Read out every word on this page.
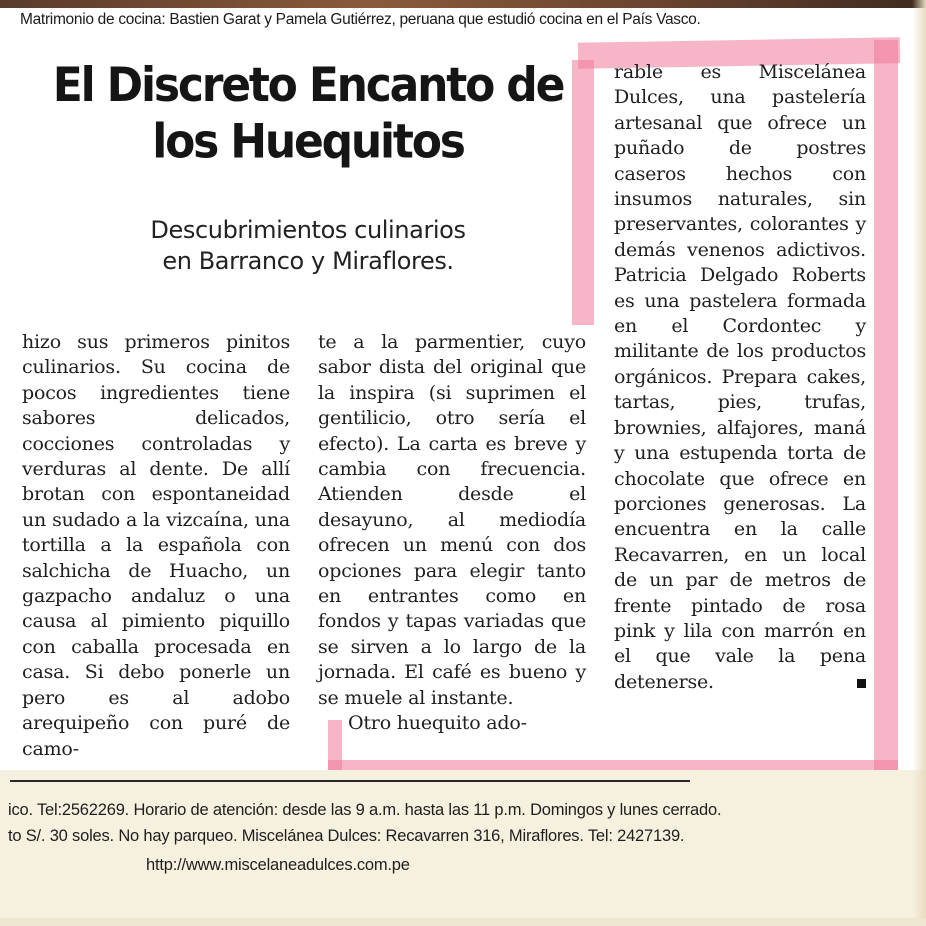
Matrimonio de cocina: Bastien Garat y Pamela Gutiérrez, peruana que estudió cocina en el País Vasco.
El Discreto Encanto de
los Huequitos
Descubrimientos culinarios
en Barranco y Miraflores.

hizo sus primeros pinitos culinarios. Su cocina de pocos ingredientes tiene sabores delicados, cocciones controladas y verduras al dente. De allí brotan con espontaneidad un sudado a la vizcaína, una tortilla a la española con salchicha de Huacho, un gazpacho andaluz o una causa al pimiento piquillo con caballa procesada en casa. Si debo ponerle un pero es al adobo arequipeño con puré de camo-

te a la parmentier, cuyo sabor dista del original que la inspira (si suprimen el gentilicio, otro sería el efecto). La carta es breve y cambia con frecuencia. Atienden desde el desayuno, al mediodía ofrecen un menú con dos opciones para elegir tanto en entrantes como en fondos y tapas variadas que se sirven a lo largo de la jornada. El café es bueno y se muele al instante.

Otro huequito ado-

rable es Miscelánea Dulces, una pastelería artesanal que ofrece un puñado de postres caseros hechos con insumos naturales, sin preservantes, colorantes y demás venenos adictivos. Patricia Delgado Roberts es una pastelera formada en el Cordontec y militante de los productos orgánicos. Prepara cakes, tartas, pies, trufas, brownies, alfajores, maná y una estupenda torta de chocolate que ofrece en porciones generosas. La encuentra en la calle Recavarren, en un local de un par de metros de frente pintado de rosa pink y lila con marrón en el que vale la pena detenerse.

ico. Tel:2562269. Horario de atención: desde las 9 a.m. hasta las 11 p.m. Domingos y lunes cerrado.
to S/. 30 soles. No hay parqueo. Miscelánea Dulces: Recavarren 316, Miraflores. Tel: 2427139.
http://www.miscelaneadulces.com.pe
